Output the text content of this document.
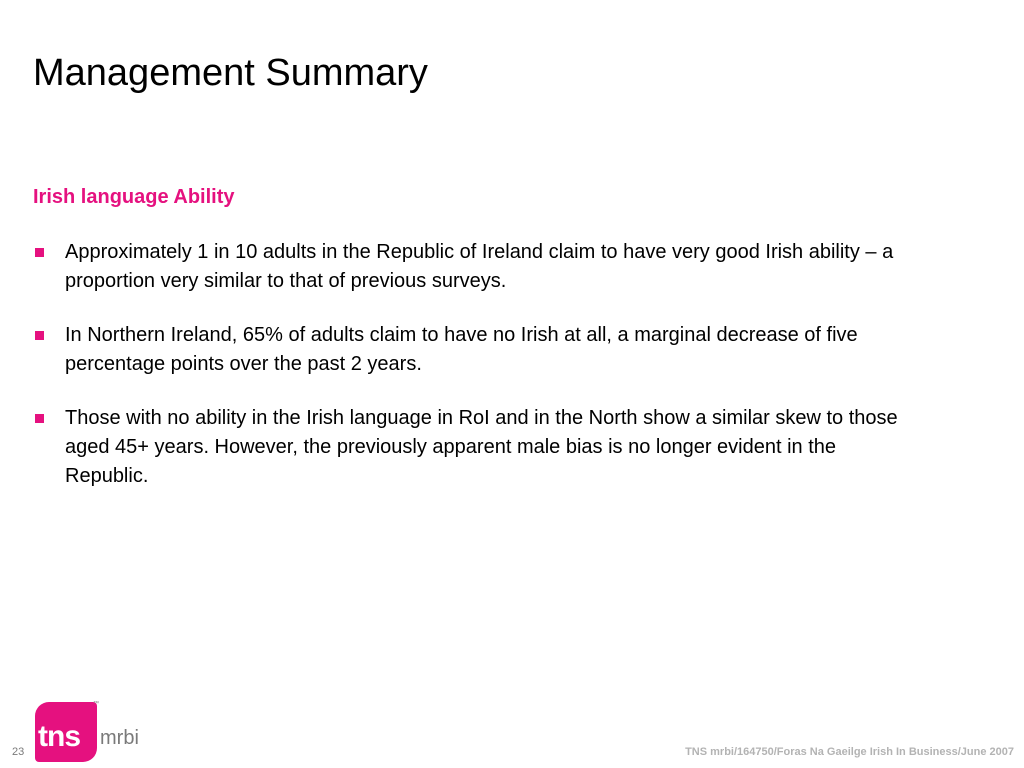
Management Summary
Irish language Ability
Approximately 1 in 10 adults in the Republic of Ireland claim to have very good Irish ability – a proportion very similar to that of previous surveys.
In Northern Ireland, 65% of adults claim to have no Irish at all, a marginal decrease of five percentage points over the past 2 years.
Those with no ability in the Irish language in RoI and in the North show a similar skew to those aged 45+ years. However, the previously apparent male bias is no longer evident in the Republic.
tns
™
mrbi
23	TNS mrbi/164750/Foras Na Gaeilge Irish In Business/June 2007
